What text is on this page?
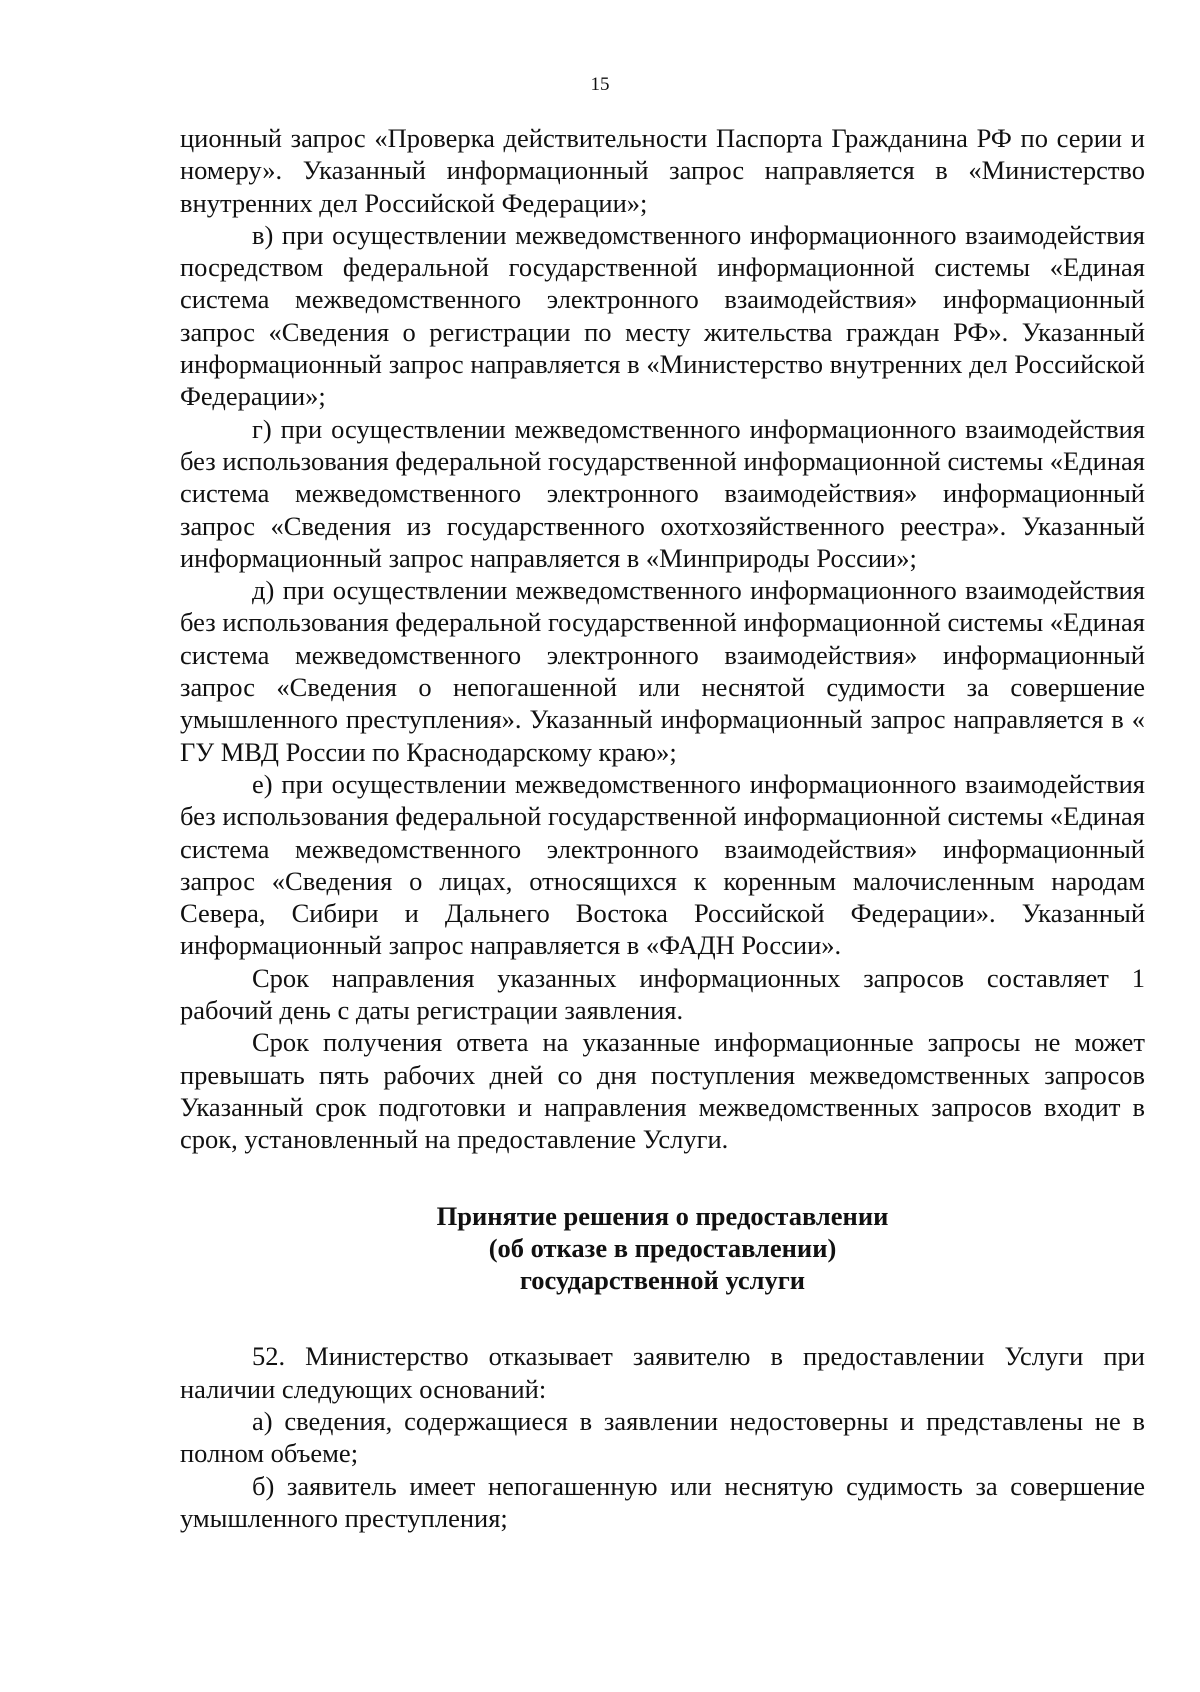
15

ционный запрос «Проверка действительности Паспорта Гражданина РФ по серии и номеру». Указанный информационный запрос направляется в «Министерство внутренних дел Российской Федерации»;

в) при осуществлении межведомственного информационного взаимодействия посредством федеральной государственной информационной системы «Единая система межведомственного электронного взаимодействия» информационный запрос «Сведения о регистрации по месту жительства граждан РФ». Указанный информационный запрос направляется в «Министерство внутренних дел Российской Федерации»;

г) при осуществлении межведомственного информационного взаимодействия без использования федеральной государственной информационной системы «Единая система межведомственного электронного взаимодействия» информационный запрос «Сведения из государственного охотхозяйственного реестра». Указанный информационный запрос направляется в «Минприроды России»;

д) при осуществлении межведомственного информационного взаимодействия без использования федеральной государственной информационной системы «Единая система межведомственного электронного взаимодействия» информационный запрос «Сведения о непогашенной или неснятой судимости за совершение умышленного преступления». Указанный информационный запрос направляется в « ГУ МВД России по Краснодарскому краю»;

е) при осуществлении межведомственного информационного взаимодействия без использования федеральной государственной информационной системы «Единая система межведомственного электронного взаимодействия» информационный запрос «Сведения о лицах, относящихся к коренным малочисленным народам Севера, Сибири и Дальнего Востока Российской Федерации». Указанный информационный запрос направляется в «ФАДН России».

Срок направления указанных информационных запросов составляет 1 рабочий день с даты регистрации заявления.

Срок получения ответа на указанные информационные запросы не может превышать пять рабочих дней со дня поступления межведомственных запросов Указанный срок подготовки и направления межведомственных запросов входит в срок, установленный на предоставление Услуги.

Принятие решения о предоставлении
(об отказе в предоставлении)
государственной услуги

52. Министерство отказывает заявителю в предоставлении Услуги при наличии следующих оснований:

а) сведения, содержащиеся в заявлении недостоверны и представлены не в полном объеме;

б) заявитель имеет непогашенную или неснятую судимость за совершение умышленного преступления;
